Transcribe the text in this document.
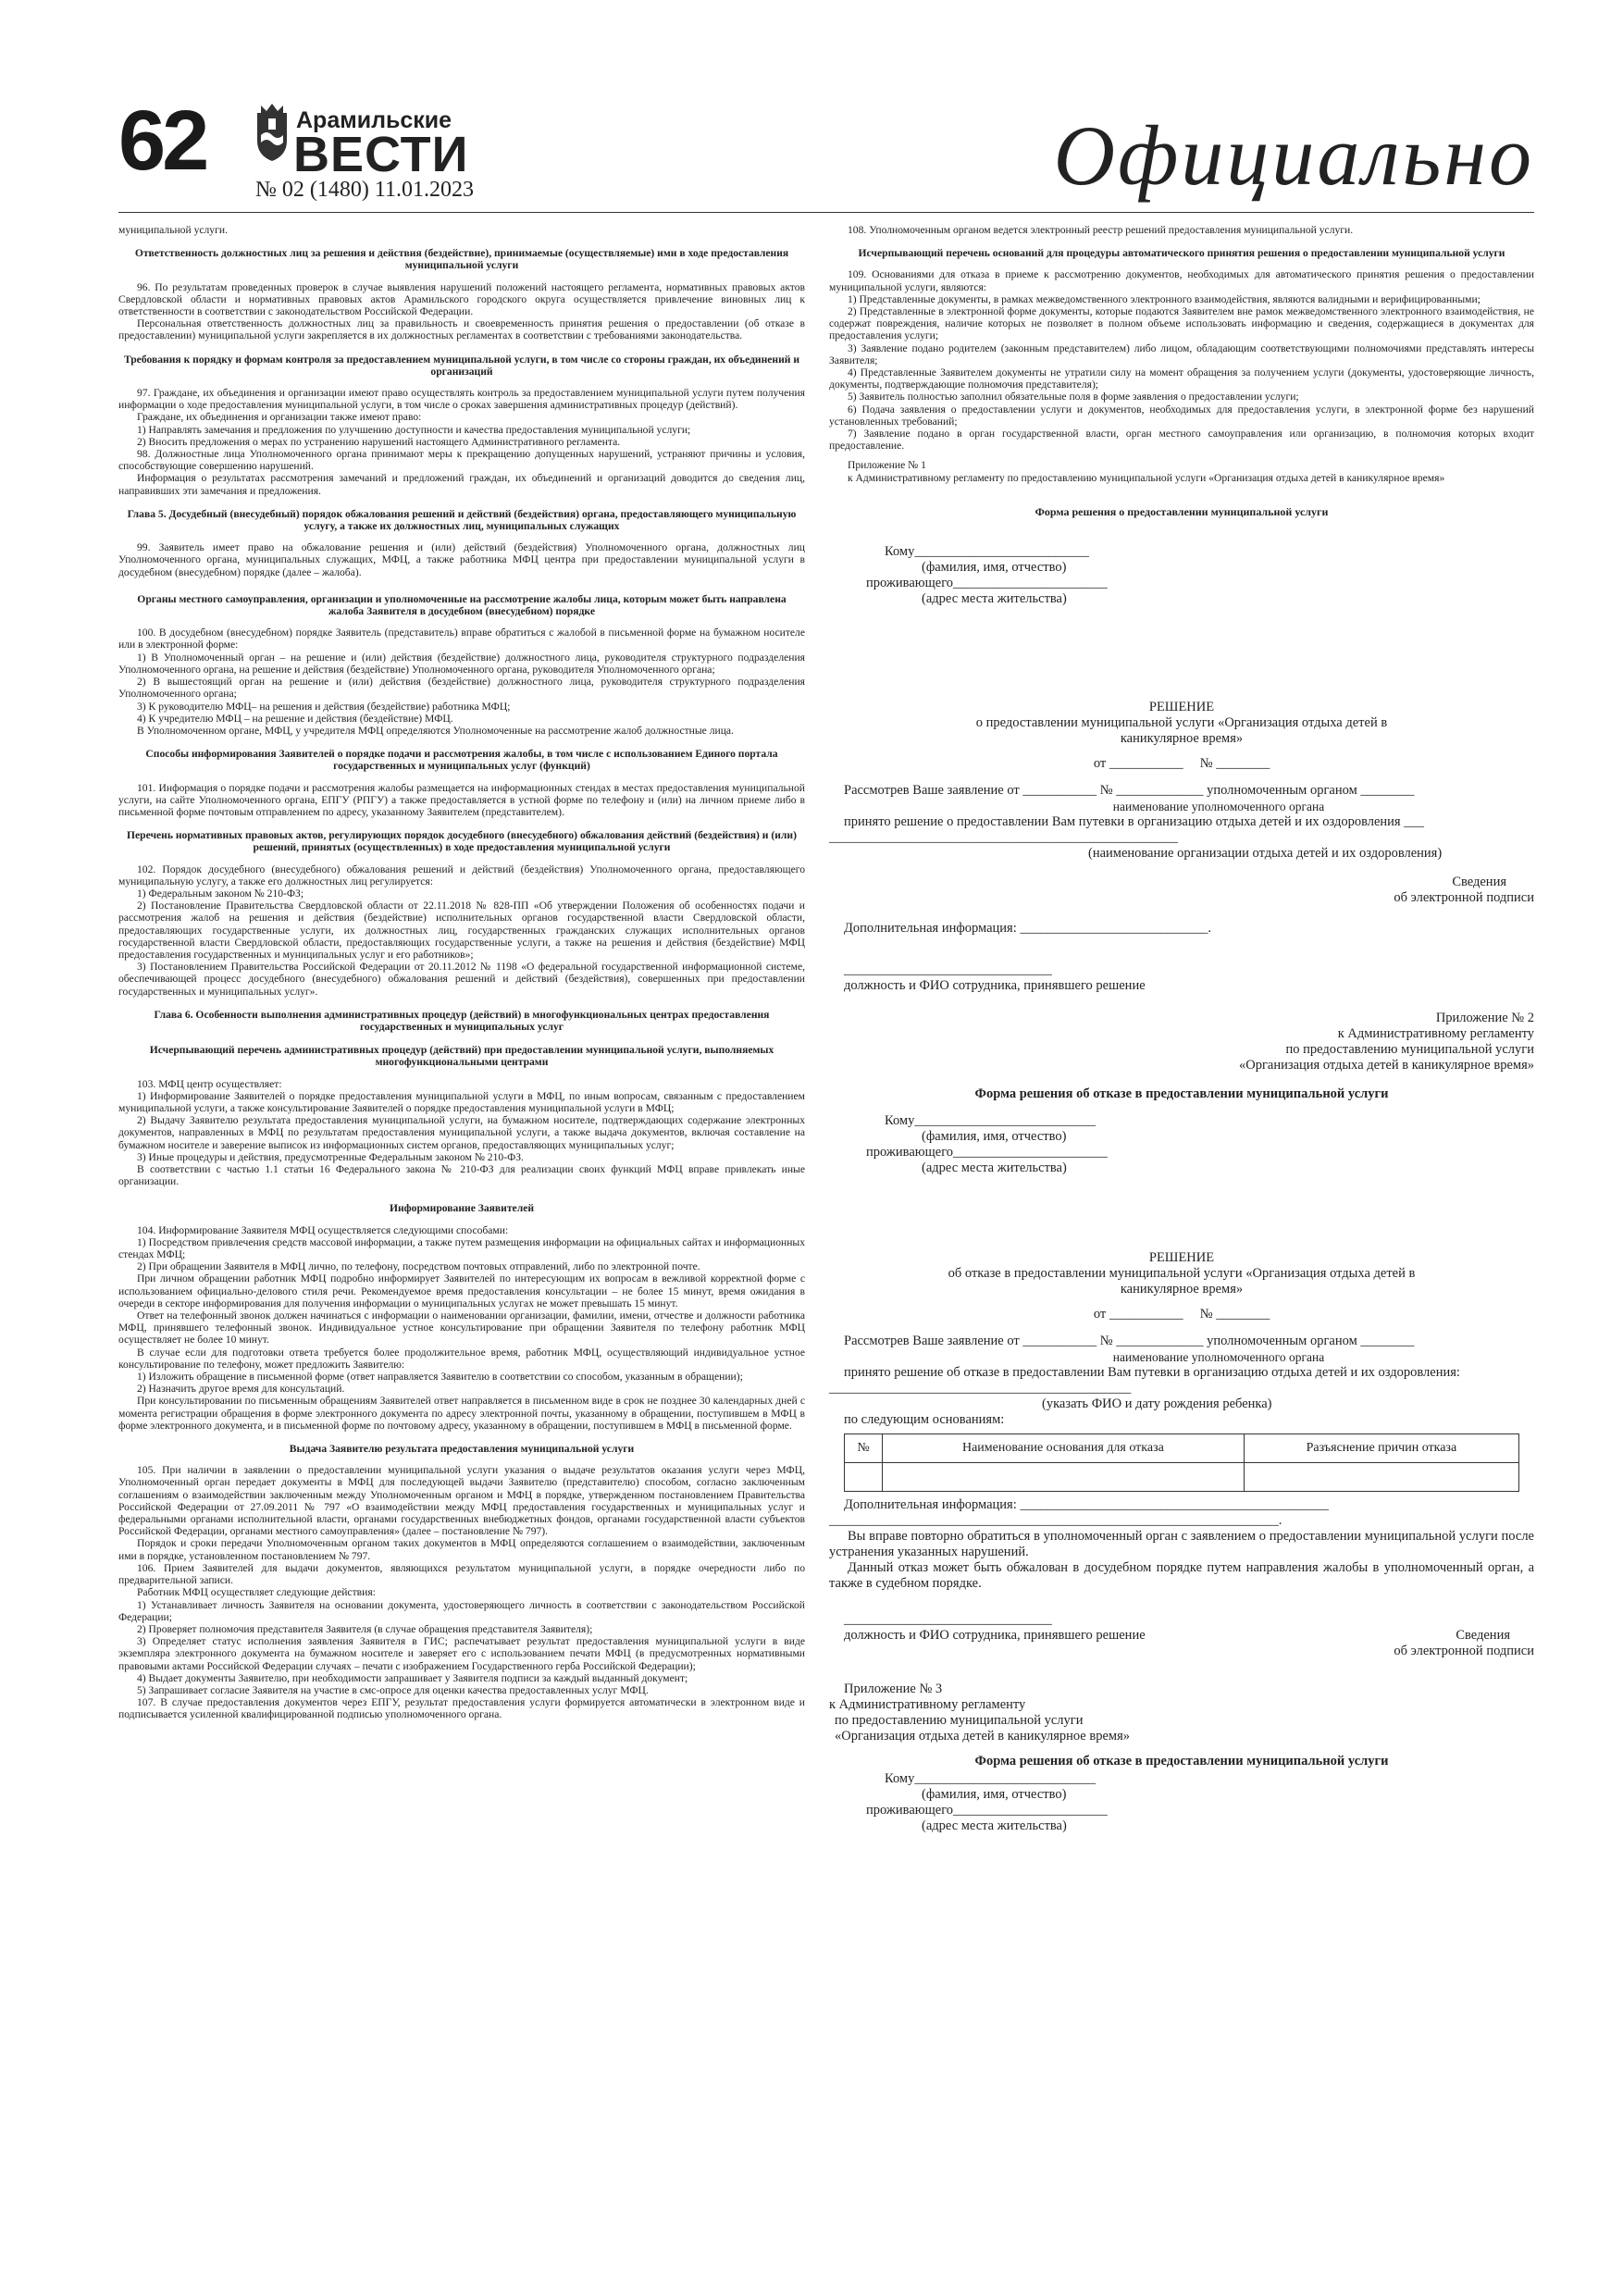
62	Арамильские
ВЕСТИ
№ 02 (1480) 11.01.2023	Официально

муниципальной услуги.

Ответственность должностных лиц за решения и действия (бездействие), принимаемые (осуществляемые) ими в ходе предоставления муниципальной услуги

96. По результатам проведенных проверок в случае выявления нарушений положений настоящего регламента, нормативных правовых актов Свердловской области и нормативных правовых актов Арамильского городского округа осуществляется привлечение виновных лиц к ответственности в соответствии с законодательством Российской Федерации.

Персональная ответственность должностных лиц за правильность и своевременность принятия решения о предоставлении (об отказе в предоставлении) муниципальной услуги закрепляется в их должностных регламентах в соответствии с требованиями законодательства.

Требования к порядку и формам контроля за предоставлением муниципальной услуги, в том числе со стороны граждан, их объединений и организаций

97. Граждане, их объединения и организации имеют право осуществлять контроль за предоставлением муниципальной услуги путем получения информации о ходе предоставления муниципальной услуги, в том числе о сроках завершения административных процедур (действий).

Граждане, их объединения и организации также имеют право:

1) Направлять замечания и предложения по улучшению доступности и качества предоставления муниципальной услуги;

2) Вносить предложения о мерах по устранению нарушений настоящего Административного регламента.

98. Должностные лица Уполномоченного органа принимают меры к прекращению допущенных нарушений, устраняют причины и условия, способствующие совершению нарушений.

Информация о результатах рассмотрения замечаний и предложений граждан, их объединений и организаций доводится до сведения лиц, направивших эти замечания и предложения.

Глава 5. Досудебный (внесудебный) порядок обжалования решений и действий (бездействия) органа, предоставляющего муниципальную услугу, а также их должностных лиц, муниципальных служащих

99. Заявитель имеет право на обжалование решения и (или) действий (бездействия) Уполномоченного органа, должностных лиц Уполномоченного органа, муниципальных служащих, МФЦ, а также работника МФЦ центра при предоставлении муниципальной услуги в досудебном (внесудебном) порядке (далее – жалоба).

Органы местного самоуправления, организации и уполномоченные на рассмотрение жалобы лица, которым может быть направлена жалоба Заявителя в досудебном (внесудебном) порядке

100. В досудебном (внесудебном) порядке Заявитель (представитель) вправе обратиться с жалобой в письменной форме на бумажном носителе или в электронной форме:

1) В Уполномоченный орган – на решение и (или) действия (бездействие) должностного лица, руководителя структурного подразделения Уполномоченного органа, на решение и действия (бездействие) Уполномоченного органа, руководителя Уполномоченного органа;

2) В вышестоящий орган на решение и (или) действия (бездействие) должностного лица, руководителя структурного подразделения Уполномоченного органа;

3) К руководителю МФЦ– на решения и действия (бездействие) работника МФЦ;

4) К учредителю МФЦ – на решение и действия (бездействие) МФЦ.

В Уполномоченном органе, МФЦ, у учредителя МФЦ определяются Уполномоченные на рассмотрение жалоб должностные лица.

Способы информирования Заявителей о порядке подачи и рассмотрения жалобы, в том числе с использованием Единого портала государственных и муниципальных услуг (функций)

101. Информация о порядке подачи и рассмотрения жалобы размещается на информационных стендах в местах предоставления муниципальной услуги, на сайте Уполномоченного органа, ЕПГУ (РПГУ) а также предоставляется в устной форме по телефону и (или) на личном приеме либо в письменной форме почтовым отправлением по адресу, указанному Заявителем (представителем).

Перечень нормативных правовых актов, регулирующих порядок досудебного (внесудебного) обжалования действий (бездействия) и (или) решений, принятых (осуществленных) в ходе предоставления муниципальной услуги

102. Порядок досудебного (внесудебного) обжалования решений и действий (бездействия) Уполномоченного органа, предоставляющего муниципальную услугу, а также его должностных лиц регулируется:

1) Федеральным законом № 210-ФЗ;

2) Постановление Правительства Свердловской области от 22.11.2018 № 828-ПП «Об утверждении Положения об особенностях подачи и рассмотрения жалоб на решения и действия (бездействие) исполнительных органов государственной власти Свердловской области, предоставляющих государственные услуги, их должностных лиц, государственных гражданских служащих исполнительных органов государственной власти Свердловской области, предоставляющих государственные услуги, а также на решения и действия (бездействие) МФЦ предоставления государственных и муниципальных услуг и его работников»;

3) Постановлением Правительства Российской Федерации от 20.11.2012 № 1198 «О федеральной государственной информационной системе, обеспечивающей процесс досудебного (внесудебного) обжалования решений и действий (бездействия), совершенных при предоставлении государственных и муниципальных услуг».

Глава 6. Особенности выполнения административных процедур (действий) в многофункциональных центрах предоставления государственных и муниципальных услуг
Исчерпывающий перечень административных процедур (действий) при предоставлении муниципальной услуги, выполняемых многофункциональными центрами

103. МФЦ центр осуществляет:

1) Информирование Заявителей о порядке предоставления муниципальной услуги в МФЦ, по иным вопросам, связанным с предоставлением муниципальной услуги, а также консультирование Заявителей о порядке предоставления муниципальной услуги в МФЦ;

2) Выдачу Заявителю результата предоставления муниципальной услуги, на бумажном носителе, подтверждающих содержание электронных документов, направленных в МФЦ по результатам предоставления муниципальной услуги, а также выдача документов, включая составление на бумажном носителе и заверение выписок из информационных систем органов, предоставляющих муниципальных услуг;

3) Иные процедуры и действия, предусмотренные Федеральным законом № 210-ФЗ.

В соответствии с частью 1.1 статьи 16 Федерального закона № 210-ФЗ для реализации своих функций МФЦ вправе привлекать иные организации.

Информирование Заявителей

104. Информирование Заявителя МФЦ осуществляется следующими способами:

1) Посредством привлечения средств массовой информации, а также путем размещения информации на официальных сайтах и информационных стендах МФЦ;

2) При обращении Заявителя в МФЦ лично, по телефону, посредством почтовых отправлений, либо по электронной почте.

При личном обращении работник МФЦ подробно информирует Заявителей по интересующим их вопросам в вежливой корректной форме с использованием официально-делового стиля речи. Рекомендуемое время предоставления консультации – не более 15 минут, время ожидания в очереди в секторе информирования для получения информации о муниципальных услугах не может превышать 15 минут.

Ответ на телефонный звонок должен начинаться с информации о наименовании организации, фамилии, имени, отчестве и должности работника МФЦ, принявшего телефонный звонок. Индивидуальное устное консультирование при обращении Заявителя по телефону работник МФЦ осуществляет не более 10 минут.

В случае если для подготовки ответа требуется более продолжительное время, работник МФЦ, осуществляющий индивидуальное устное консультирование по телефону, может предложить Заявителю:

1) Изложить обращение в письменной форме (ответ направляется Заявителю в соответствии со способом, указанным в обращении);

2) Назначить другое время для консультаций.

При консультировании по письменным обращениям Заявителей ответ направляется в письменном виде в срок не позднее 30 календарных дней с момента регистрации обращения в форме электронного документа по адресу электронной почты, указанному в обращении, поступившем в МФЦ в форме электронного документа, и в письменной форме по почтовому адресу, указанному в обращении, поступившем в МФЦ в письменной форме.

Выдача Заявителю результата предоставления муниципальной услуги

105. При наличии в заявлении о предоставлении муниципальной услуги указания о выдаче результатов оказания услуги через МФЦ, Уполномоченный орган передает документы в МФЦ для последующей выдачи Заявителю (представителю) способом, согласно заключенным соглашениям о взаимодействии заключенным между Уполномоченным органом и МФЦ в порядке, утвержденном постановлением Правительства Российской Федерации от 27.09.2011 № 797 «О взаимодействии между МФЦ предоставления государственных и муниципальных услуг и федеральными органами исполнительной власти, органами государственных внебюджетных фондов, органами государственной власти субъектов Российской Федерации, органами местного самоуправления» (далее – постановление № 797).

Порядок и сроки передачи Уполномоченным органом таких документов в МФЦ определяются соглашением о взаимодействии, заключенным ими в порядке, установленном постановлением № 797.

106. Прием Заявителей для выдачи документов, являющихся результатом муниципальной услуги, в порядке очередности либо по предварительной записи.

Работник МФЦ осуществляет следующие действия:

1) Устанавливает личность Заявителя на основании документа, удостоверяющего личность в соответствии с законодательством Российской Федерации;

2) Проверяет полномочия представителя Заявителя (в случае обращения представителя Заявителя);

3) Определяет статус исполнения заявления Заявителя в ГИС; распечатывает результат предоставления муниципальной услуги в виде экземпляра электронного документа на бумажном носителе и заверяет его с использованием печати МФЦ (в предусмотренных нормативными правовыми актами Российской Федерации случаях – печати с изображением Государственного герба Российской Федерации);

4) Выдает документы Заявителю, при необходимости запрашивает у Заявителя подписи за каждый выданный документ;

5) Запрашивает согласие Заявителя на участие в смс-опросе для оценки качества предоставленных услуг МФЦ.

107. В случае предоставления документов через ЕПГУ, результат предоставления услуги формируется автоматически в электронном виде и подписывается усиленной квалифицированной подписью уполномоченного органа.

108. Уполномоченным органом ведется электронный реестр решений предоставления муниципальной услуги.

Исчерпывающий перечень оснований для процедуры автоматического принятия решения о предоставлении муниципальной услуги

109. Основаниями для отказа в приеме к рассмотрению документов, необходимых для автоматического принятия решения о предоставлении муниципальной услуги, являются:

1) Представленные документы, в рамках межведомственного электронного взаимодействия, являются валидными и верифицированными;

2) Представленные в электронной форме документы, которые подаются Заявителем вне рамок межведомственного электронного взаимодействия, не содержат повреждения, наличие которых не позволяет в полном объеме использовать информацию и сведения, содержащиеся в документах для предоставления услуги;

3) Заявление подано родителем (законным представителем) либо лицом, обладающим соответствующими полномочиями представлять интересы Заявителя;

4) Представленные Заявителем документы не утратили силу на момент обращения за получением услуги (документы, удостоверяющие личность, документы, подтверждающие полномочия представителя);

5) Заявитель полностью заполнил обязательные поля в форме заявления о предоставлении услуги;

6) Подача заявления о предоставлении услуги и документов, необходимых для предоставления услуги, в электронной форме без нарушений установленных требований;

7) Заявление подано в орган государственной власти, орган местного самоуправления или организацию, в полномочия которых входит предоставление.

Приложение № 1

к Административному регламенту по предоставлению муниципальной услуги «Организация отдыха детей в каникулярное время»

Форма решения о предоставлении муниципальной услуги
Кому__________________________
(фамилия, имя, отчество)
проживающего_______________________
(адрес места жительства)
РЕШЕНИЕ
о предоставлении муниципальной услуги «Организация отдыха детей в каникулярное время»
от ___________     № ________
Рассмотрев Ваше заявление от ___________ № _____________ уполномоченным органом ________
наименование уполномоченного органа
принято решение о предоставлении Вам путевки в организацию отдыха детей и их оздоровления ___
____________________________________________________
(наименование организации отдыха детей и их оздоровления)
Сведения
об электронной подписи
Дополнительная информация: ____________________________.
_______________________________
должность и ФИО сотрудника, принявшего решение
Приложение № 2
к Административному регламенту
по предоставлению муниципальной услуги
«Организация отдыха детей в каникулярное время»
Форма решения об отказе в предоставлении муниципальной услуги
Кому___________________________
(фамилия, имя, отчество)
проживающего_______________________
(адрес места жительства)
РЕШЕНИЕ
об отказе в предоставлении муниципальной услуги «Организация отдыха детей в каникулярное время»
от ___________     № ________
Рассмотрев Ваше заявление от ___________ № _____________ уполномоченным органом ________
наименование уполномоченного органа
принято решение об отказе в предоставлении Вам путевки в организацию отдыха детей и их оздоровления:
_____________________________________________
(указать ФИО и дату рождения ребенка)
по следующим основаниям:
№	Наименование основания для отказа	Разъяснение причин отказа

Дополнительная информация: ______________________________________________
___________________________________________________________________.
Вы вправе повторно обратиться в уполномоченный орган с заявлением о предоставлении муниципальной услуги после устранения указанных нарушений.
Данный отказ может быть обжалован в досудебном порядке путем направления жалобы в уполномоченный орган, а также в судебном порядке.
_______________________________
должность и ФИО сотрудника, принявшего решение	Сведения
об электронной подписи
Приложение № 3
к Административному регламенту
по предоставлению муниципальной услуги
«Организация отдыха детей в каникулярное время»
Форма решения об отказе в предоставлении муниципальной услуги
Кому___________________________
(фамилия, имя, отчество)
проживающего_______________________
(адрес места жительства)
